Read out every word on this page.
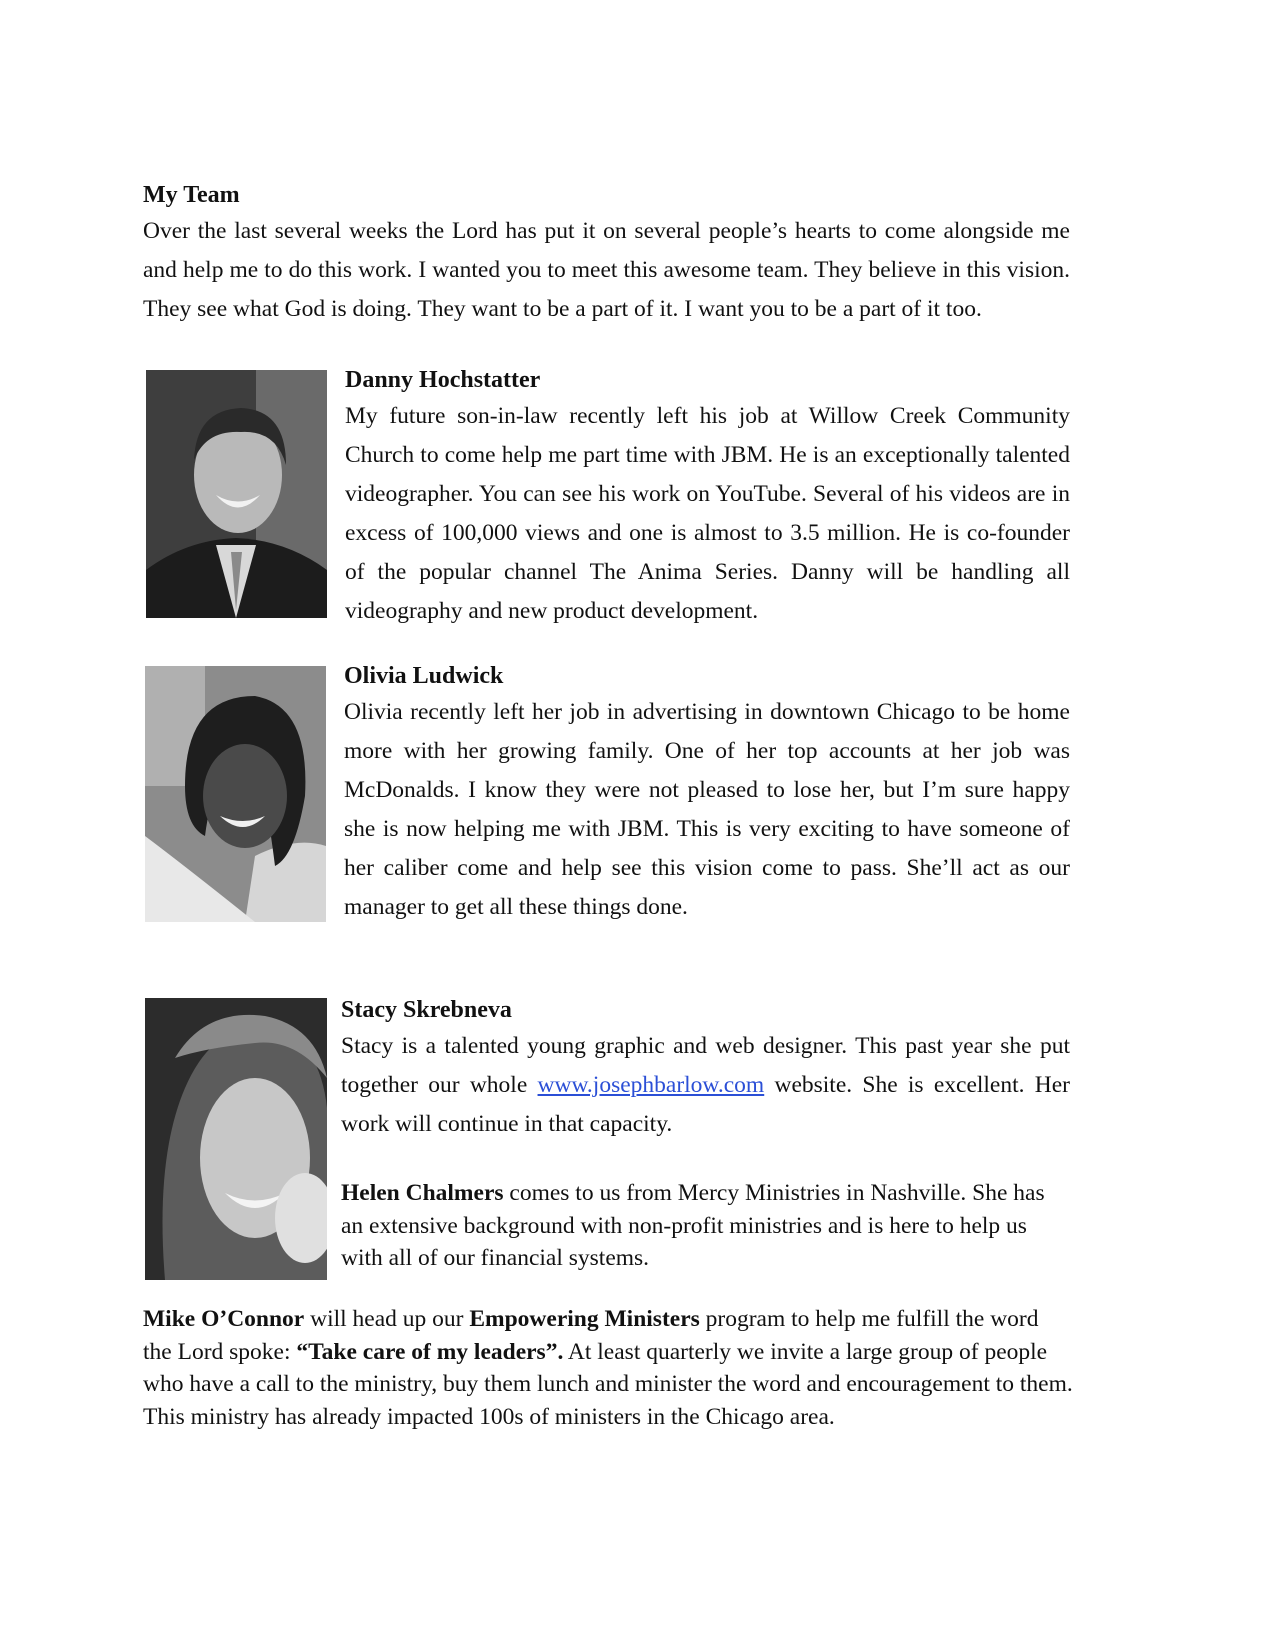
My Team
Over the last several weeks the Lord has put it on several people’s hearts to come alongside me and help me to do this work. I wanted you to meet this awesome team. They believe in this vision. They see what God is doing. They want to be a part of it. I want you to be a part of it too.
Danny Hochstatter
My future son-in-law recently left his job at Willow Creek Community Church to come help me part time with JBM. He is an exceptionally talented videographer. You can see his work on YouTube. Several of his videos are in excess of 100,000 views and one is almost to 3.5 million. He is co-founder of the popular channel The Anima Series. Danny will be handling all videography and new product development.
Olivia Ludwick
Olivia recently left her job in advertising in downtown Chicago to be home more with her growing family. One of her top accounts at her job was McDonalds. I know they were not pleased to lose her, but I’m sure happy she is now helping me with JBM. This is very exciting to have someone of her caliber come and help see this vision come to pass. She’ll act as our manager to get all these things done.
Stacy Skrebneva
Stacy is a talented young graphic and web designer. This past year she put together our whole www.josephbarlow.com website. She is excellent. Her work will continue in that capacity.
Helen Chalmers comes to us from Mercy Ministries in Nashville. She has an extensive background with non-profit ministries and is here to help us with all of our financial systems.
Mike O’Connor will head up our Empowering Ministers program to help me fulfill the word the Lord spoke: “Take care of my leaders”. At least quarterly we invite a large group of people who have a call to the ministry, buy them lunch and minister the word and encouragement to them. This ministry has already impacted 100s of ministers in the Chicago area.
